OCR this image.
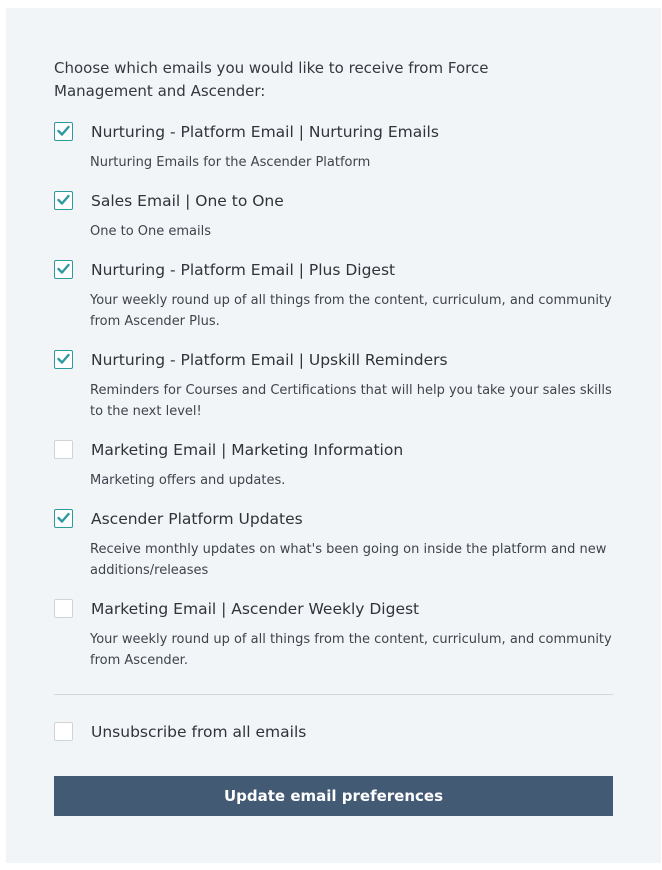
Choose which emails you would like to receive from Force Management and Ascender:
Nurturing - Platform Email | Nurturing Emails
Nurturing Emails for the Ascender Platform
Sales Email | One to One
One to One emails
Nurturing - Platform Email | Plus Digest
Your weekly round up of all things from the content, curriculum, and community from Ascender Plus.
Nurturing - Platform Email | Upskill Reminders
Reminders for Courses and Certifications that will help you take your sales skills to the next level!
Marketing Email | Marketing Information
Marketing offers and updates.
Ascender Platform Updates
Receive monthly updates on what's been going on inside the platform and new additions/releases
Marketing Email | Ascender Weekly Digest
Your weekly round up of all things from the content, curriculum, and community from Ascender.
Unsubscribe from all emails
Update email preferences
